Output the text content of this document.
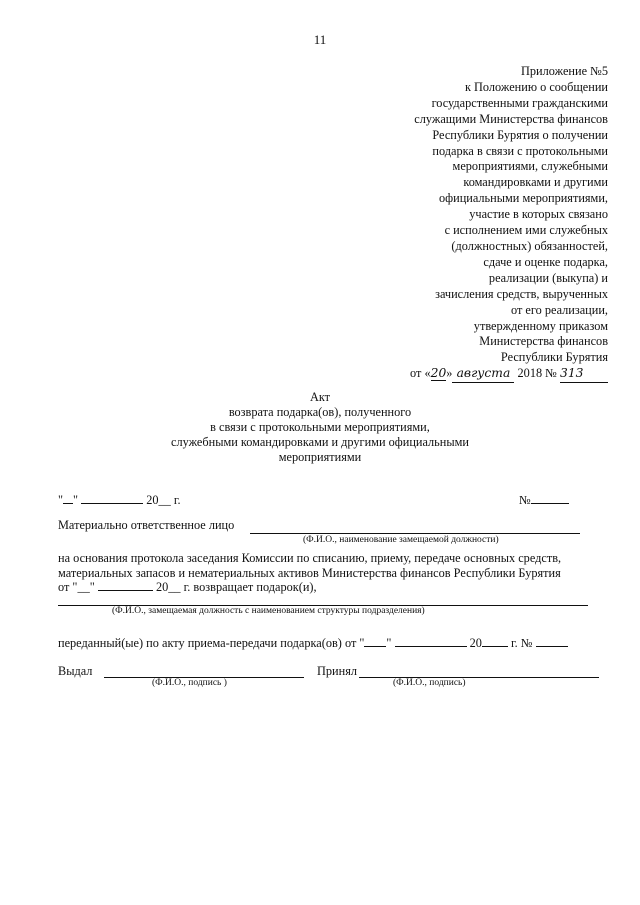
11
Приложение №5
к Положению о сообщении
государственными гражданскими
служащими Министерства финансов
Республики Бурятия о получении
подарка в связи с протокольными
мероприятиями, служебными
командировками и другими
официальными мероприятиями,
участие в которых связано
с исполнением ими служебных
(должностных) обязанностей,
сдаче и оценке подарка,
реализации (выкупа) и
зачисления средств, вырученных
от его реализации,
утвержденному приказом
Министерства финансов
Республики Бурятия
от «20» августа 2018 № 313
Акт
возврата подарка(ов), полученного
в связи с протокольными мероприятиями,
служебными командировками и другими официальными
мероприятиями
" "	20__ г.	№
Материально ответственное лицо
(Ф.И.О., наименование замещаемой должности)
на основания протокола заседания Комиссии по списанию, приему, передаче основных средств,
материальных запасов и нематериальных активов Министерства финансов Республики Бурятия
от "__"	20__ г. возвращает подарок(и),
(Ф.И.О., замещаемая должность с наименованием структуры подразделения)
переданный(ые) по акту приема-передачи подарка(ов) от " "	20 г. №
Выдал
(Ф.И.О., подпись )
Принял
(Ф.И.О., подпись)
